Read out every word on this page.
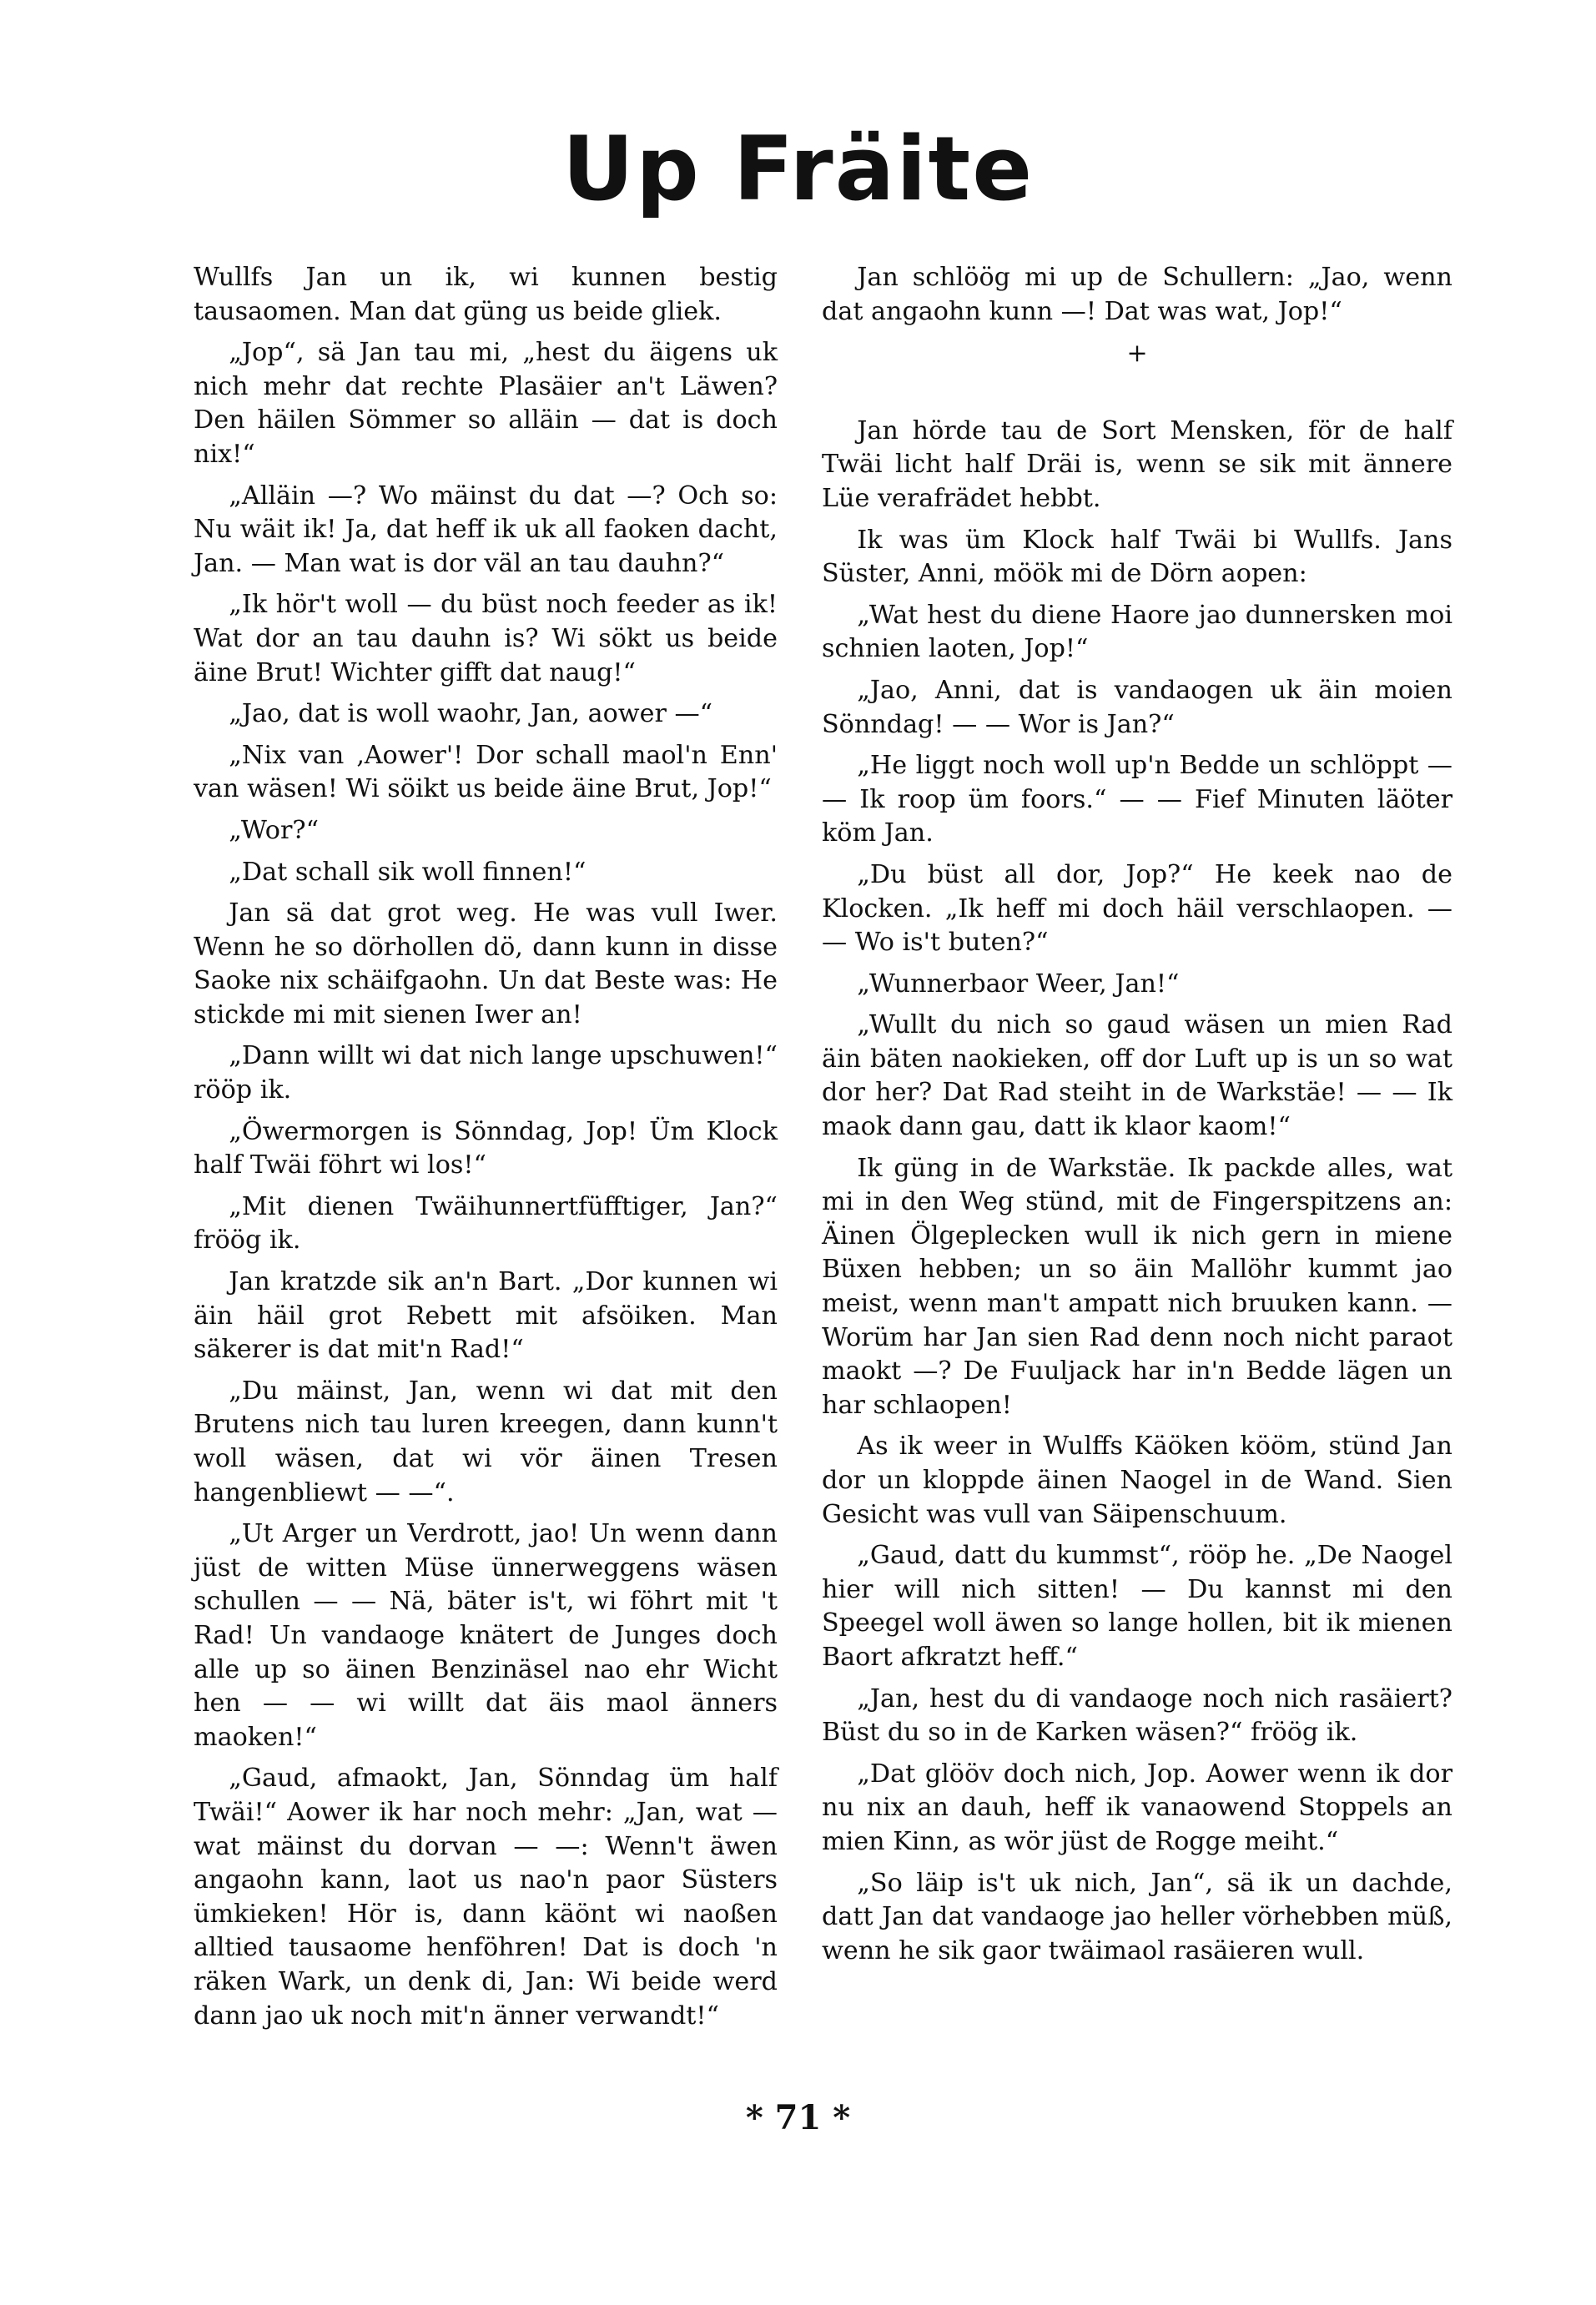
Up Fräite

Wullfs Jan un ik, wi kunnen bestig tausaomen. Man dat güng us beide gliek.

„Jop“, sä Jan tau mi, „hest du äigens uk nich mehr dat rechte Plasäier an't Läwen? Den häilen Sömmer so alläin — dat is doch nix!“

„Alläin —? Wo mäinst du dat —? Och so: Nu wäit ik! Ja, dat heff ik uk all faoken dacht, Jan. — Man wat is dor väl an tau dauhn?“

„Ik hör't woll — du büst noch feeder as ik! Wat dor an tau dauhn is? Wi sökt us beide äine Brut! Wichter gifft dat naug!“

„Jao, dat is woll waohr, Jan, aower —“

„Nix van ‚Aower'! Dor schall maol'n Enn' van wäsen! Wi söikt us beide äine Brut, Jop!“

„Wor?“

„Dat schall sik woll finnen!“

Jan sä dat grot weg. He was vull Iwer. Wenn he so dörhollen dö, dann kunn in disse Saoke nix schäifgaohn. Un dat Beste was: He stickde mi mit sienen Iwer an!

„Dann willt wi dat nich lange upschuwen!“ rööp ik.

„Öwermorgen is Sönndag, Jop! Üm Klock half Twäi föhrt wi los!“

„Mit dienen Twäihunnertfüfftiger, Jan?“ fröög ik.

Jan kratzde sik an'n Bart. „Dor kunnen wi äin häil grot Rebett mit afsöiken. Man säkerer is dat mit'n Rad!“

„Du mäinst, Jan, wenn wi dat mit den Brutens nich tau luren kreegen, dann kunn't woll wäsen, dat wi vör äinen Tresen hangenbliewt — —“.

„Ut Arger un Verdrott, jao! Un wenn dann jüst de witten Müse ünnerweggens wäsen schullen — — Nä, bäter is't, wi föhrt mit 't Rad! Un vandaoge knätert de Junges doch alle up so äinen Benzinäsel nao ehr Wicht hen — — wi willt dat äis maol änners maoken!“

„Gaud, afmaokt, Jan, Sönndag üm half Twäi!“ Aower ik har noch mehr: „Jan, wat — wat mäinst du dorvan — —: Wenn't äwen angaohn kann, laot us nao'n paor Süsters ümkieken! Hör is, dann käönt wi naoßen alltied tausaome henföhren! Dat is doch 'n räken Wark, un denk di, Jan: Wi beide werd dann jao uk noch mit'n änner verwandt!“

Jan schlöög mi up de Schullern: „Jao, wenn dat angaohn kunn —! Dat was wat, Jop!“

+

Jan hörde tau de Sort Mensken, för de half Twäi licht half Dräi is, wenn se sik mit ännere Lüe verafrädet hebbt.

Ik was üm Klock half Twäi bi Wullfs. Jans Süster, Anni, möök mi de Dörn aopen:

„Wat hest du diene Haore jao dunnersken moi schnien laoten, Jop!“

„Jao, Anni, dat is vandaogen uk äin moien Sönndag! — — Wor is Jan?“

„He liggt noch woll up'n Bedde un schlöppt — — Ik roop üm foors.“ — — Fief Minuten läöter köm Jan.

„Du büst all dor, Jop?“ He keek nao de Klocken. „Ik heff mi doch häil verschlaopen. — — Wo is't buten?“

„Wunnerbaor Weer, Jan!“

„Wullt du nich so gaud wäsen un mien Rad äin bäten naokieken, off dor Luft up is un so wat dor her? Dat Rad steiht in de Warkstäe! — — Ik maok dann gau, datt ik klaor kaom!“

Ik güng in de Warkstäe. Ik packde alles, wat mi in den Weg stünd, mit de Fingerspitzens an: Äinen Ölgeplecken wull ik nich gern in miene Büxen hebben; un so äin Mallöhr kummt jao meist, wenn man't ampatt nich bruuken kann. — Worüm har Jan sien Rad denn noch nicht paraot maokt —? De Fuuljack har in'n Bedde lägen un har schlaopen!

As ik weer in Wulffs Käöken kööm, stünd Jan dor un kloppde äinen Naogel in de Wand. Sien Gesicht was vull van Säipenschuum.

„Gaud, datt du kummst“, rööp he. „De Naogel hier will nich sitten! — Du kannst mi den Speegel woll äwen so lange hollen, bit ik mienen Baort afkratzt heff.“

„Jan, hest du di vandaoge noch nich rasäiert? Büst du so in de Karken wäsen?“ fröög ik.

„Dat glööv doch nich, Jop. Aower wenn ik dor nu nix an dauh, heff ik vanaowend Stoppels an mien Kinn, as wör jüst de Rogge meiht.“

„So läip is't uk nich, Jan“, sä ik un dachde, datt Jan dat vandaoge jao heller vörhebben müß, wenn he sik gaor twäimaol rasäieren wull.

* 71 *
